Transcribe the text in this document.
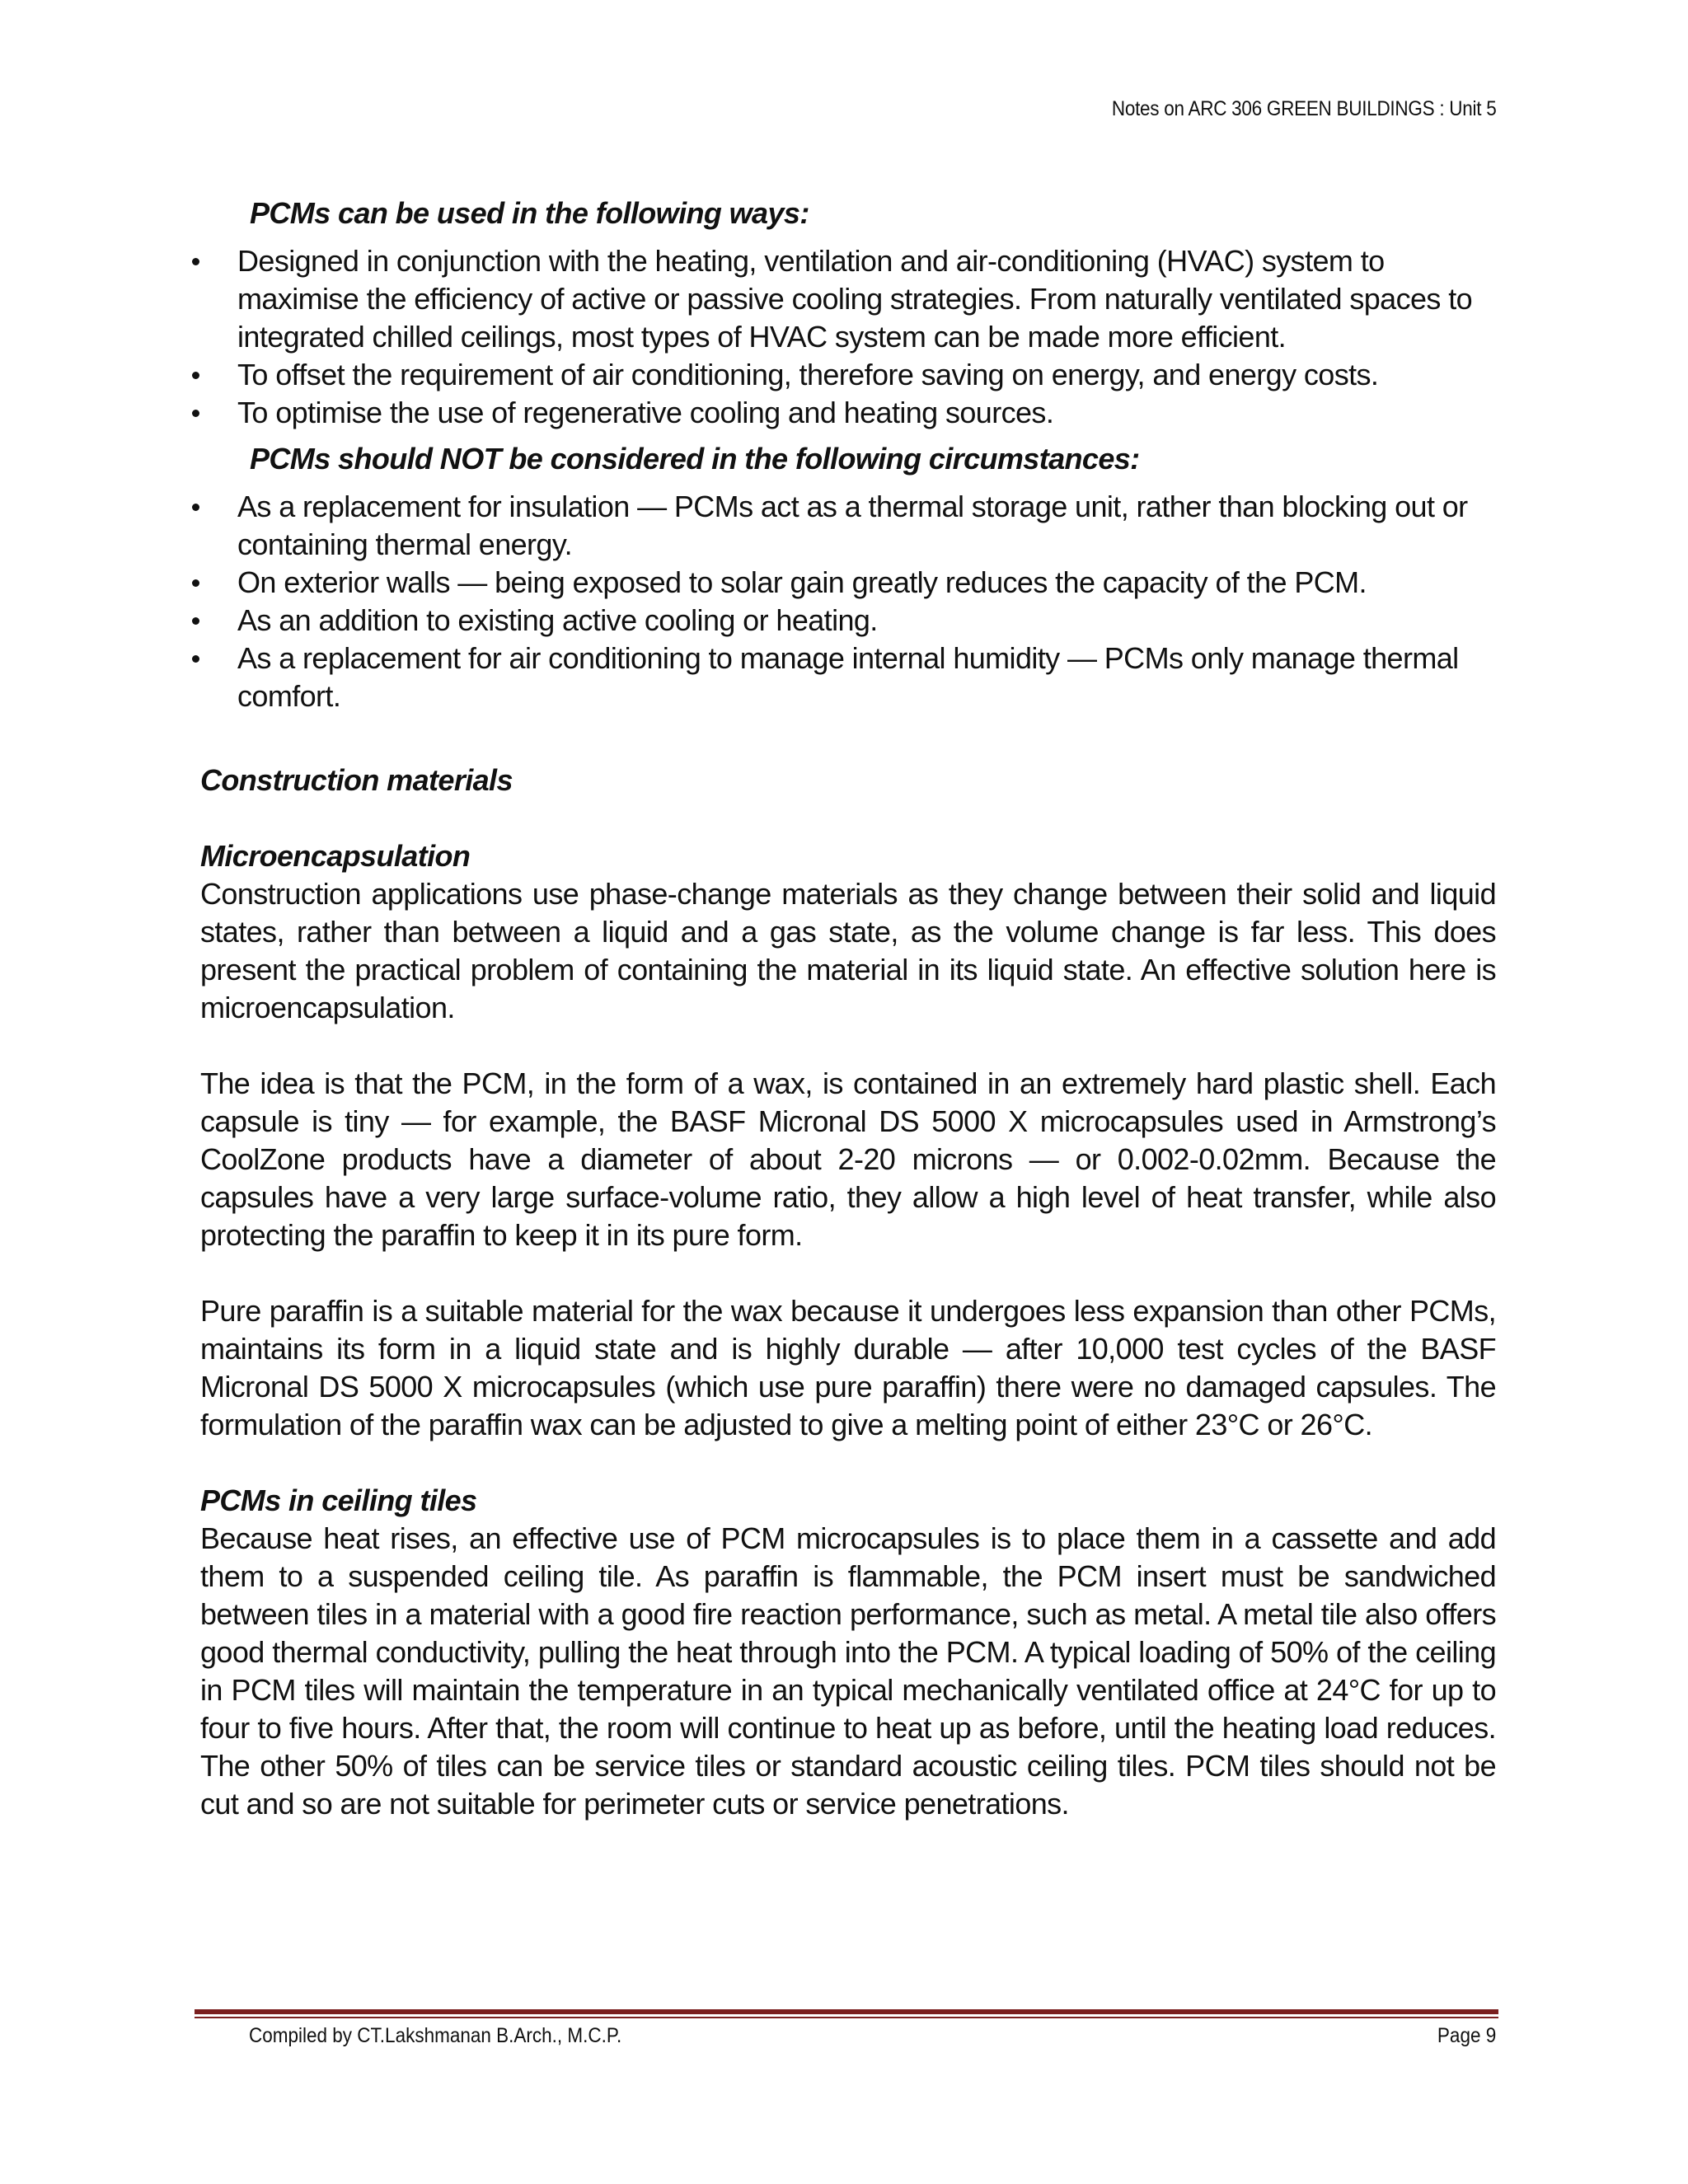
Notes on ARC 306 GREEN BUILDINGS : Unit 5
PCMs can be used in the following ways:
Designed in conjunction with the heating, ventilation and air-conditioning (HVAC) system to maximise the efficiency of active or passive cooling strategies. From naturally ventilated spaces to integrated chilled ceilings, most types of HVAC system can be made more efficient.
To offset the requirement of air conditioning, therefore saving on energy, and energy costs.
To optimise the use of regenerative cooling and heating sources.
PCMs should NOT be considered in the following circumstances:
As a replacement for insulation — PCMs act as a thermal storage unit, rather than blocking out or containing thermal energy.
On exterior walls — being exposed to solar gain greatly reduces the capacity of the PCM.
As an addition to existing active cooling or heating.
As a replacement for air conditioning to manage internal humidity — PCMs only manage thermal comfort.
Construction materials
Microencapsulation

Construction applications use phase-change materials as they change between their solid and liquid states, rather than between a liquid and a gas state, as the volume change is far less. This does present the practical problem of containing the material in its liquid state. An effective solution here is microencapsulation.

The idea is that the PCM, in the form of a wax, is contained in an extremely hard plastic shell. Each capsule is tiny — for example, the BASF Micronal DS 5000 X microcapsules used in Armstrong’s CoolZone products have a diameter of about 2-20 microns — or 0.002-0.02mm. Because the capsules have a very large surface-volume ratio, they allow a high level of heat transfer, while also protecting the paraffin to keep it in its pure form.

Pure paraffin is a suitable material for the wax because it undergoes less expansion than other PCMs, maintains its form in a liquid state and is highly durable — after 10,000 test cycles of the BASF Micronal DS 5000 X microcapsules (which use pure paraffin) there were no damaged capsules. The formulation of the paraffin wax can be adjusted to give a melting point of either 23°C or 26°C.

PCMs in ceiling tiles

Because heat rises, an effective use of PCM microcapsules is to place them in a cassette and add them to a suspended ceiling tile. As paraffin is flammable, the PCM insert must be sandwiched between tiles in a material with a good fire reaction performance, such as metal. A metal tile also offers good thermal conductivity, pulling the heat through into the PCM. A typical loading of 50% of the ceiling in PCM tiles will maintain the temperature in an typical mechanically ventilated office at 24°C for up to four to five hours. After that, the room will continue to heat up as before, until the heating load reduces. The other 50% of tiles can be service tiles or standard acoustic ceiling tiles. PCM tiles should not be cut and so are not suitable for perimeter cuts or service penetrations.

Compiled by CT.Lakshmanan B.Arch., M.C.P.	Page 9
